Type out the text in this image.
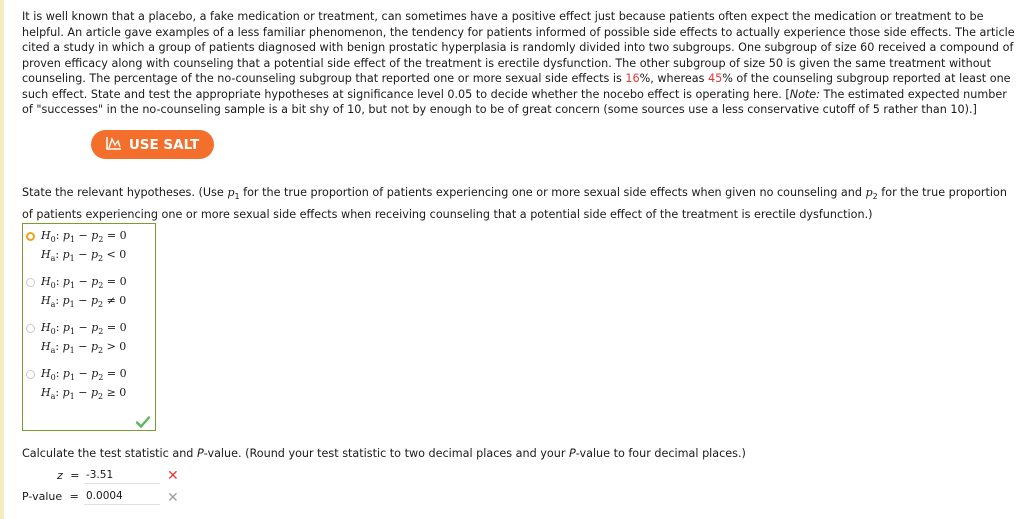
It is well known that a placebo, a fake medication or treatment, can sometimes have a positive effect just because patients often expect the medication or treatment to be helpful. An article gave examples of a less familiar phenomenon, the tendency for patients informed of possible side effects to actually experience those side effects. The article cited a study in which a group of patients diagnosed with benign prostatic hyperplasia is randomly divided into two subgroups. One subgroup of size 60 received a compound of proven efficacy along with counseling that a potential side effect of the treatment is erectile dysfunction. The other subgroup of size 50 is given the same treatment without counseling. The percentage of the no-counseling subgroup that reported one or more sexual side effects is 16%, whereas 45% of the counseling subgroup reported at least one such effect. State and test the appropriate hypotheses at significance level 0.05 to decide whether the nocebo effect is operating here. [Note: The estimated expected number of "successes" in the no-counseling sample is a bit shy of 10, but not by enough to be of great concern (some sources use a less conservative cutoff of 5 rather than 10).]
USE SALT
State the relevant hypotheses. (Use $p_1$ for the true proportion of patients experiencing one or more sexual side effects when given no counseling and $p_2$ for the true proportion of patients experiencing one or more sexual side effects when receiving counseling that a potential side effect of the treatment is erectile dysfunction.)
$H_0$: $p_1 - p_2 = 0$
$H_a$: $p_1 - p_2 < 0$
$H_0$: $p_1 - p_2 = 0$
$H_a$: $p_1 - p_2 \ne 0$
$H_0$: $p_1 - p_2 = 0$
$H_a$: $p_1 - p_2 > 0$
$H_0$: $p_1 - p_2 = 0$
$H_a$: $p_1 - p_2 \ge 0$
Calculate the test statistic and P-value. (Round your test statistic to two decimal places and your P-value to four decimal places.)
z = -3.51	✕
P-value = 0.0004	✕
